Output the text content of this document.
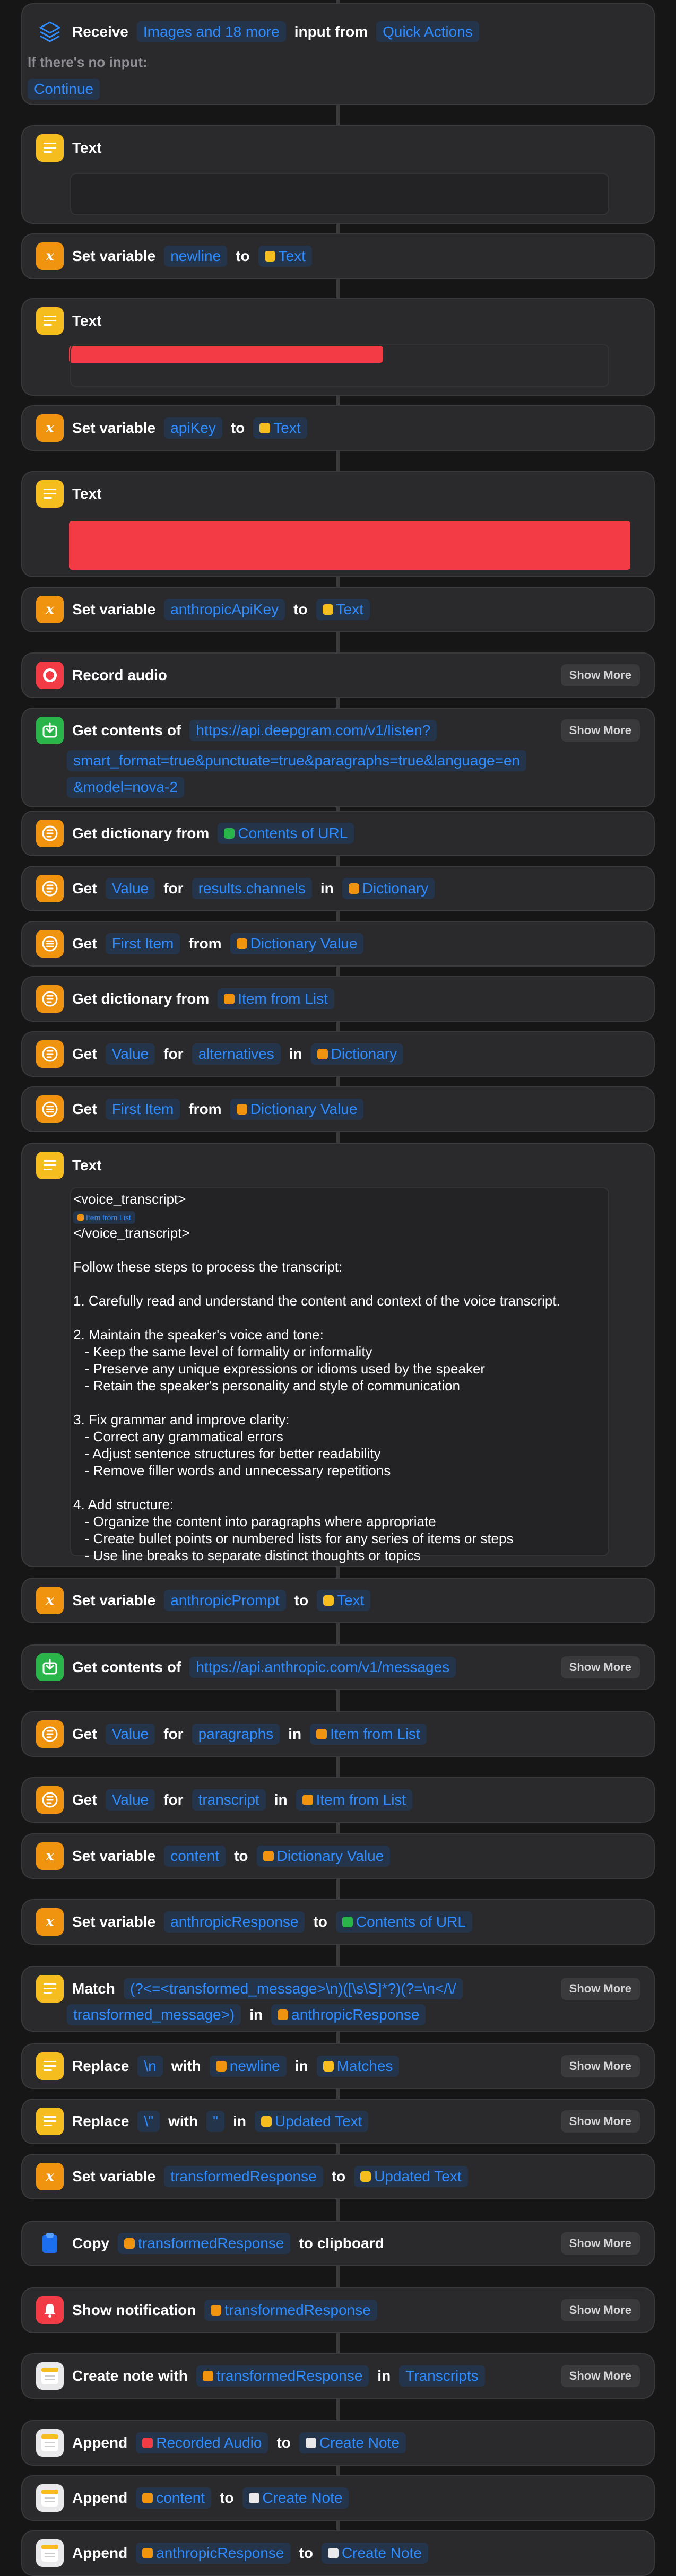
Receive	Images and 18 more	input from	Quick Actions
If there's no input:
Continue
Text
x Set variable	newline	to Text
Text
x Set variable	apiKey	to Text
Text
x Set variable	anthropicApiKey	to Text
Record audio	Show More
Get contents of	https://api.deepgram.com/v1/listen?	Show More
smart_format=true&punctuate=true&paragraphs=true&language=en
&model=nova-2
Get dictionary from Contents of URL
Get	Value	for	results.channels	in Dictionary
Get	First Item	from Dictionary Value
Get dictionary from Item from List
Get	Value	for	alternatives	in Dictionary
Get	First Item	from Dictionary Value
Text
<voice_transcript>
Item from List
</voice_transcript>
Follow these steps to process the transcript:
1. Carefully read and understand the content and context of the voice transcript.
2. Maintain the speaker's voice and tone:
- Keep the same level of formality or informality
- Preserve any unique expressions or idioms used by the speaker
- Retain the speaker's personality and style of communication
3. Fix grammar and improve clarity:
- Correct any grammatical errors
- Adjust sentence structures for better readability
- Remove filler words and unnecessary repetitions
4. Add structure:
- Organize the content into paragraphs where appropriate
- Create bullet points or numbered lists for any series of items or steps
- Use line breaks to separate distinct thoughts or topics
x Set variable	anthropicPrompt	to Text
Get contents of	https://api.anthropic.com/v1/messages	Show More
Get	Value	for	paragraphs	in Item from List
Get	Value	for	transcript	in Item from List
x Set variable	content	to Dictionary Value
x Set variable	anthropicResponse	to Contents of URL
Match	(?<=<transformed_message>\n)([\s\S]*?)(?=\n</\/	Show More
transformed_message>)	in anthropicResponse
Replace	\n	with newline in Matches	Show More
Replace	\"	with	"	in Updated Text	Show More
x Set variable	transformedResponse	to Updated Text
Copy transformedResponse to clipboard	Show More
Show notification transformedResponse	Show More
Create note with transformedResponse in	Transcripts	Show More
Append Recorded Audio to Create Note
Append content to Create Note
Append anthropicResponse to Create Note
